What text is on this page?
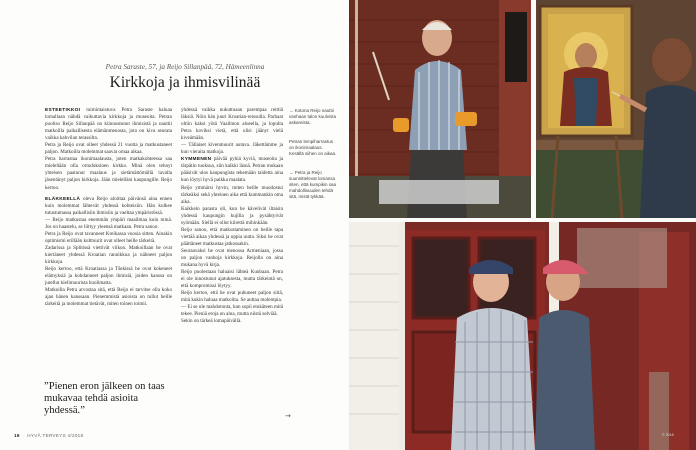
Petra Saraste, 57, ja Reijo Sillanpää, 72, Hämeenlinna
Kirkkoja ja ihmisvilinää

ESTEETIKKOI toimintaistuva Petra Saraste haluaa lomallaan nähdä vaikuttavia kirkkoja ja museoita. Petran puoliso Reijo Sillanpää on kiinnostunut ihmisistä ja nauttii matkoilla paikallisesta elämänmenosta, jota on kiva seurata vaikka kahvilan terassilta.

Petra ja Reijo ovat olleet yhdessä 21 vuotta ja matkustaneet paljon. Matkoilla molemmat saavat omaa aikaa.

Petra harrastaa ikonimaalausta, joten matkakohteessa saa mieleltään olla ortodoksinen kirkko. Minä olen tehnyt yhteisen paatunut maalaus ja sietämättömällä tavalla jäsentänyt paljon kirkkoja. Jään mielelläni kaupungille. Reijo kertoo.

ELÄKKEELLÄ oleva Reijo aloittaa päivänsä aina ennen kuin molemmat lähtevät yhdessä kohteisiin. Hän kulkee tutustumassa paikallisiin ihmisiin ja vaeltaa ympäristössä.

— Reijo matkustaa enemmän ympäri maailmaa kuin minä. Jos on haastelu, se liittyy yleensä matkaan. Petra sanoo.

Petra ja Reijo ovat tavanneet Kreikassa vuosia sitten. Ainakin optimismi erillään kulttuurit ovat olleet heille tärkeitä.

Zadarissa ja Splitissä viettivät viikon. Matkoillaan he ovat kiertäneet yhdessä Kroatian rannikkoa ja nähneet paljon kirkkoja.

Reijo kertoo, että Kroatiassa ja Tšekissä he ovat kokeneet elämyksiä ja kohdanneet paljon ihmisiä, joiden kanssa on jutellut kielimuurista huolimatta.

Matkoilla Petra arvostaa sitä, että Reijo ei tarvitse olla koko ajan hänen kanssaan. Pienemmistä asioista on tullut heille tärkeitä ja molemmat tietävät, miten toinen toimii.

yhdessä vaikka nukuttuaan parempaa reittiä läksiä. Nöin hän juuri Kroatian-reissulla. Parhaat oltiin kaksi yötä Vaalimon alueella, ja lopulta Petra koviksi vietä, että olisi jäänyt vielä kiveämään.

— Tällaiset kivenmuurit autava. Jäkettämme ja kun vieraita matkoja.

KYMMENEN päivää pyhiä kyviä, museoita ja tärpätin tuoksua, siin kaikki läsnä. Petran mukaan pääsivät ulos kaupungista tekemään taidetta aina kun löytyi hyvä paikka maalata.

Reijo ymmärsi hyvin, miten heille muodostui tärkeäksi sekä yhteinen aika että kummankin oma aika.

Kaikkein parasta oli, kun he kävelivät iltaisin yhdessä kaupungin kujilla ja pysähtyivät syömään. Siellä ei ollut kiirettä mihinkään.

Reijo sanoo, että matkustaminen on heille tapa viettää aikaa yhdessä ja oppia uutta. Siksi he ovat päättäneet matkustaa jatkossakin.

Seuraavaksi he ovat menossa Armeniaan, jossa on paljon vanhoja kirkkoja. Reijolla on aina mukana hyvä kirja.

Reijo puolestaan haluaisi lähteä Kuubaan. Petra ei ole innostunut ajatuksesta, mutta tärkeintä on, että kompromissi löytyy.

Reijo kertoo, että he ovat puhuneet paljon siitä, mitä kukin haluaa matkoilta. Se auttaa molempia.

— Ei se ole mahdotonta, kun sopii etukäteen mitä tekee. Pieniä eroja on aina, mutta niistä selviää.

Sekin on tärkeä lomapäivällä.

→ Kotona Reijo nauttii vanhaan talon kuulvista askareista.
Petran lempiharrastus on ikonimaalaus. Kesällä siihen on aikaa.
→ Petra ja Reijo suunnittelevat lomansa siten, että kumpikin saa mahdollisuuden tehdä sitä, mistä tykkää.
”Pienen eron jälkeen on taas mukavaa tehdä asioita yhdessä.”	→
16 HYVÄ TERVEYS 4/2018	© 2018
